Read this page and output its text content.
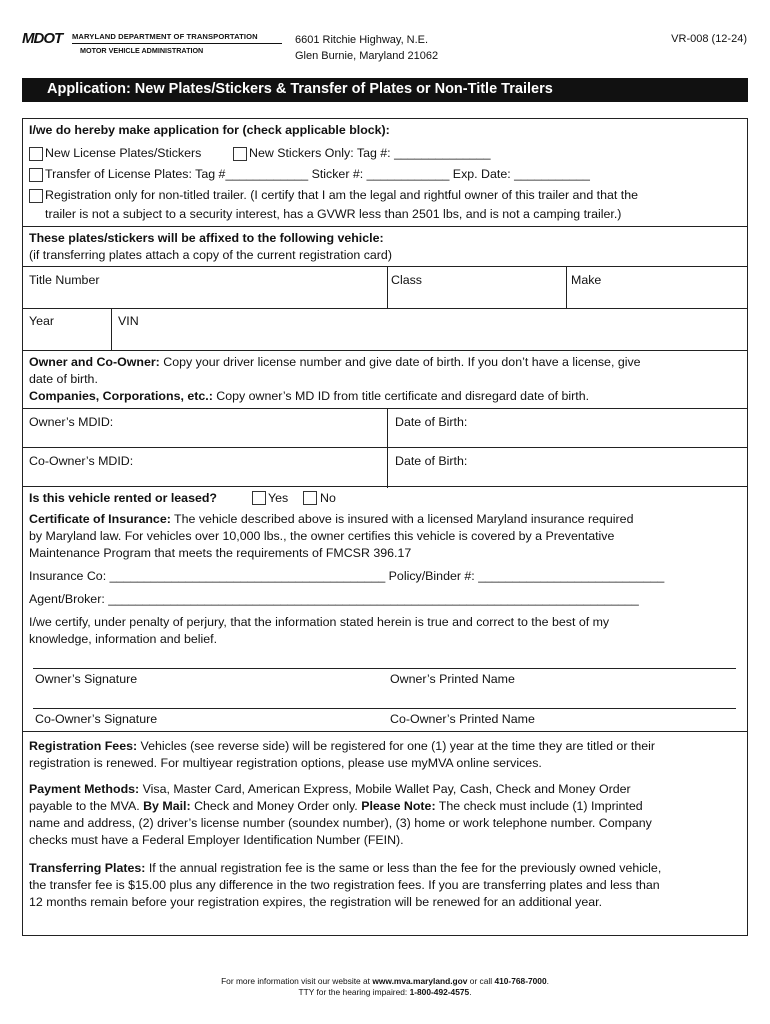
MDOT MARYLAND DEPARTMENT OF TRANSPORTATION
MOTOR VEHICLE ADMINISTRATION
6601 Ritchie Highway, N.E.
Glen Burnie, Maryland 21062
VR-008 (12-24)
Application: New Plates/Stickers & Transfer of Plates or Non-Title Trailers
I/we do hereby make application for (check applicable block):
New License Plates/Stickers	New Stickers Only: Tag #: ______________
Transfer of License Plates: Tag #____________ Sticker #: ____________ Exp. Date: ___________
Registration only for non-titled trailer. (I certify that I am the legal and rightful owner of this trailer and that the
trailer is not a subject to a security interest, has a GVWR less than 2501 lbs, and is not a camping trailer.)
These plates/stickers will be affixed to the following vehicle:
(if transferring plates attach a copy of the current registration card)
Title Number	Class	Make
Year	VIN
Owner and Co-Owner: Copy your driver license number and give date of birth. If you don’t have a license, give
date of birth.
Companies, Corporations, etc.: Copy owner’s MD ID from title certificate and disregard date of birth.
Owner’s MDID:	Date of Birth:
Co-Owner’s MDID:	Date of Birth:
Is this vehicle rented or leased?	Yes	No
Certificate of Insurance: The vehicle described above is insured with a licensed Maryland insurance required
by Maryland law. For vehicles over 10,000 lbs., the owner certifies this vehicle is covered by a Preventative
Maintenance Program that meets the requirements of FMCSR 396.17
Insurance Co: ________________________________________ Policy/Binder #: ___________________________
Agent/Broker: _____________________________________________________________________________
I/we certify, under penalty of perjury, that the information stated herein is true and correct to the best of my
knowledge, information and belief.
Owner’s Signature	Owner’s Printed Name
Co-Owner’s Signature	Co-Owner’s Printed Name
Registration Fees: Vehicles (see reverse side) will be registered for one (1) year at the time they are titled or their
registration is renewed. For multiyear registration options, please use myMVA online services.
Payment Methods: Visa, Master Card, American Express, Mobile Wallet Pay, Cash, Check and Money Order
payable to the MVA. By Mail: Check and Money Order only. Please Note: The check must include (1) Imprinted
name and address, (2) driver’s license number (soundex number), (3) home or work telephone number. Company
checks must have a Federal Employer Identification Number (FEIN).
Transferring Plates: If the annual registration fee is the same or less than the fee for the previously owned vehicle,
the transfer fee is $15.00 plus any difference in the two registration fees. If you are transferring plates and less than
12 months remain before your registration expires, the registration will be renewed for an additional year.
For more information visit our website at www.mva.maryland.gov or call 410-768-7000.
TTY for the hearing impaired: 1-800-492-4575.
